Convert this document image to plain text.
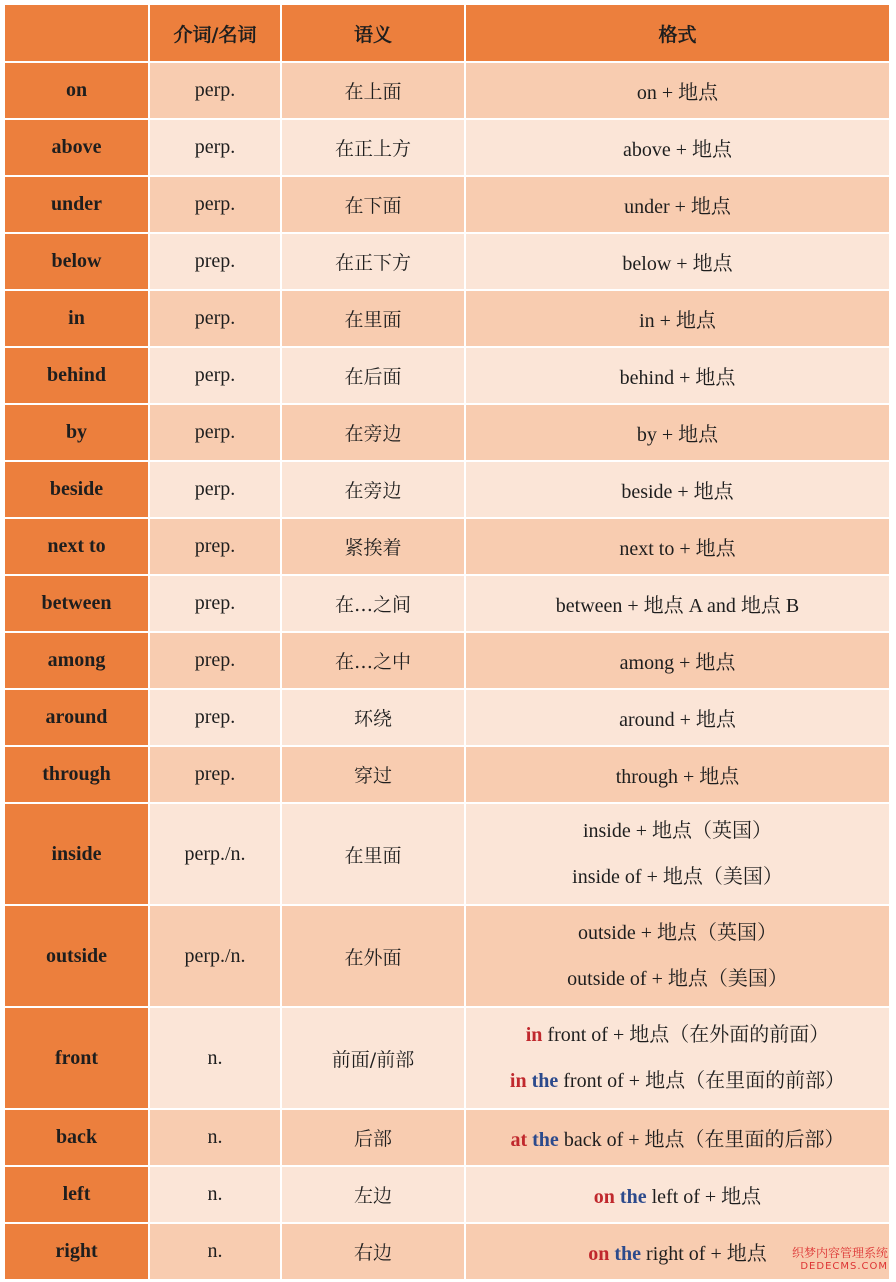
	介词/名词	语义	格式
on	perp.	在上面	on + 地点
above	perp.	在正上方	above + 地点
under	perp.	在下面	under + 地点
below	prep.	在正下方	below + 地点
in	perp.	在里面	in + 地点
behind	perp.	在后面	behind + 地点
by	perp.	在旁边	by + 地点
beside	perp.	在旁边	beside + 地点
next to	prep.	紧挨着	next to + 地点
between	prep.	在…之间	between + 地点 A and 地点 B
among	prep.	在…之中	among + 地点
around	prep.	环绕	around + 地点
through	prep.	穿过	through + 地点
inside	perp./n.	在里面	inside + 地点（英国）
inside of + 地点（美国）

outside	perp./n.	在外面	outside + 地点（英国）
outside of + 地点（美国）

front	n.	前面/前部	in front of + 地点（在外面的前面）
in the front of + 地点（在里面的前部）

back	n.	后部	at the back of + 地点（在里面的后部）
left	n.	左边	on the left of + 地点
right	n.	右边	on the right of + 地点 织梦内容管理系统
DEDECMS.COM
